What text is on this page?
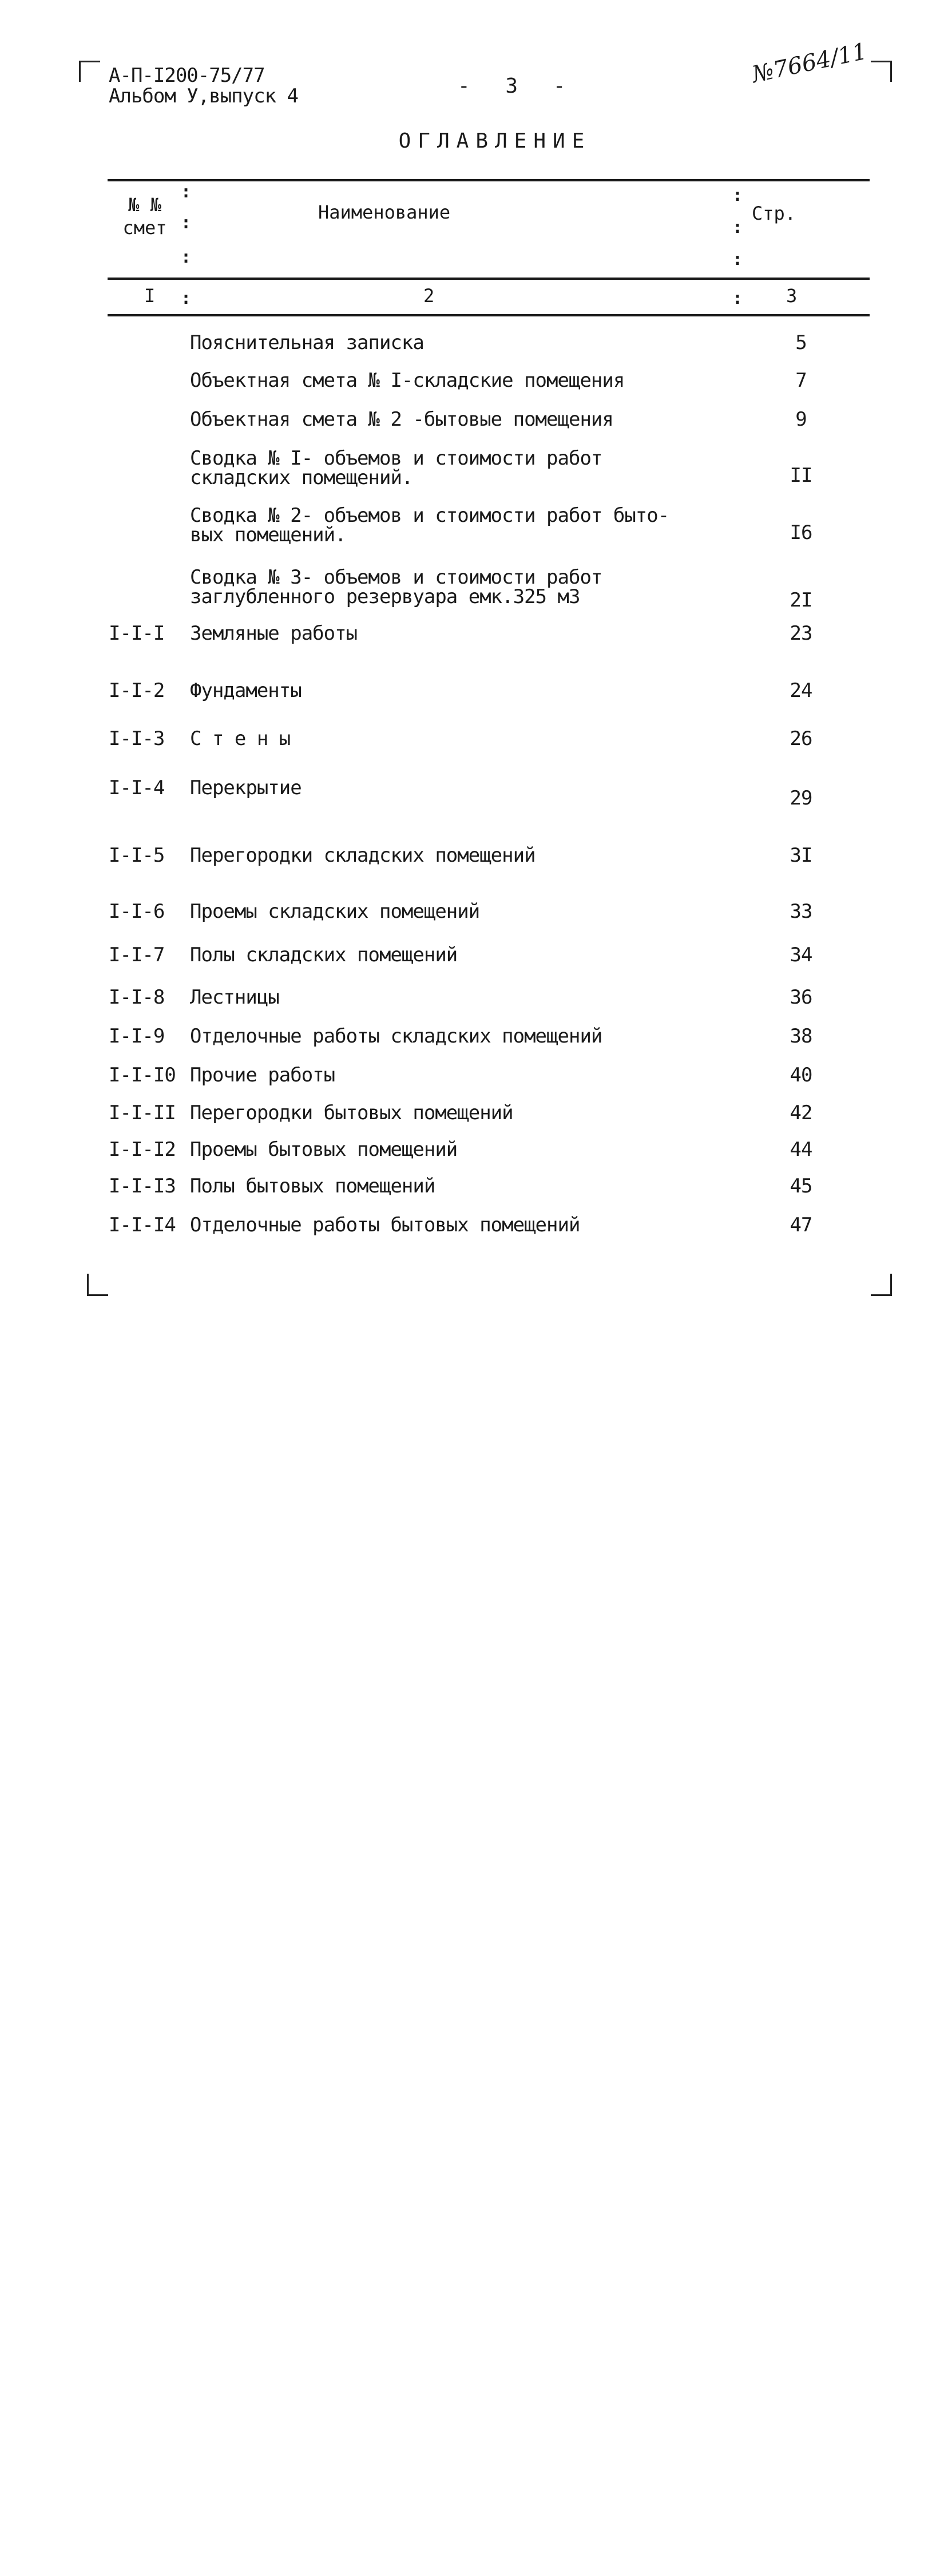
А-П-I200-75/77
Альбом У,выпуск 4	- 3 -	№7664/11
ОГЛАВЛЕНИЕ
:
:
:
:
:
:
:
:
№ № смет
Наименование	Стр.
I	2	3
Пояснительная записка	5
Объектная смета № I-складские помещения	7
Объектная смета № 2 -бытовые помещения	9
Сводка № I- объемов и стоимости работ
складских помещений.	II
Сводка № 2- объемов и стоимости работ быто-
вых помещений.	I6
Сводка № 3- объемов и стоимости работ
заглубленного резервуара емк.325 м3	2I
I-I-I Земляные работы	23
I-I-2 Фундаменты	24
I-I-3 С т е н ы	26
I-I-4 Перекрытие	29
I-I-5 Перегородки складских помещений	3I
I-I-6 Проемы складских помещений	33
I-I-7 Полы складских помещений	34
I-I-8 Лестницы	36
I-I-9 Отделочные работы складских помещений	38
I-I-I0 Прочие работы	40
I-I-II Перегородки бытовых помещений	42
I-I-I2 Проемы бытовых помещений	44
I-I-I3 Полы бытовых помещений	45
I-I-I4 Отделочные работы бытовых помещений	47
